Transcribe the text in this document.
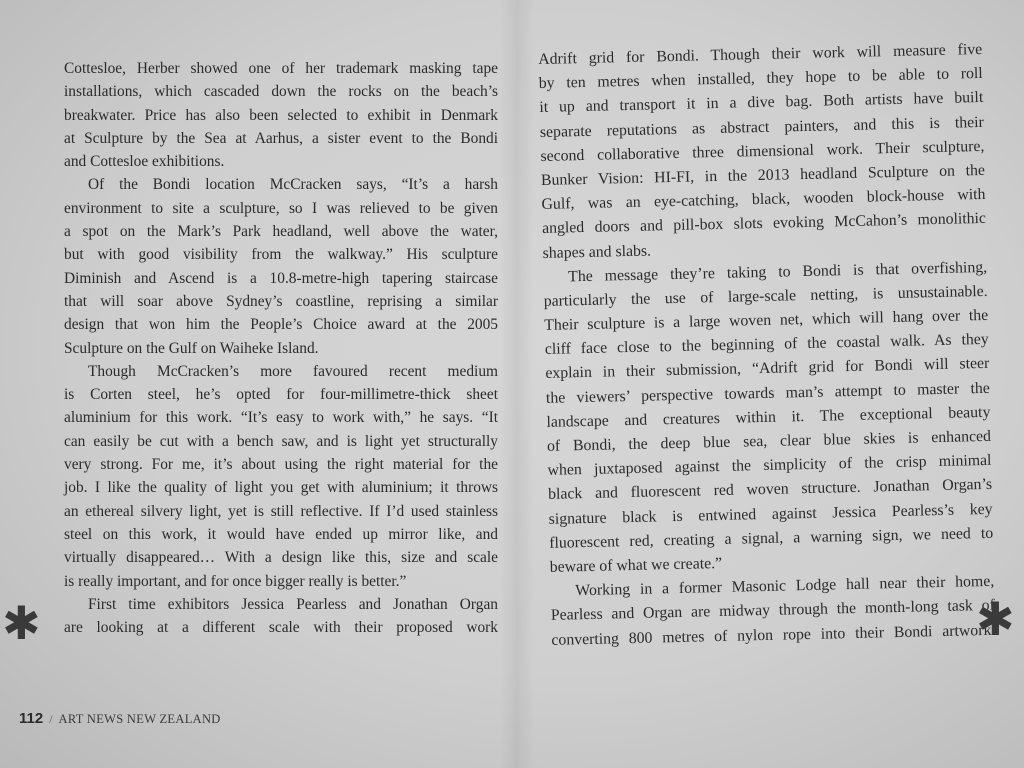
Cottesloe, Herber showed one of her trademark masking tape
installations, which cascaded down the rocks on the beach’s
breakwater. Price has also been selected to exhibit in Denmark
at Sculpture by the Sea at Aarhus, a sister event to the Bondi
and Cottesloe exhibitions.
Of the Bondi location McCracken says, “It’s a harsh
environment to site a sculpture, so I was relieved to be given
a spot on the Mark’s Park headland, well above the water,
but with good visibility from the walkway.” His sculpture
Diminish and Ascend is a 10.8-metre-high tapering staircase
that will soar above Sydney’s coastline, reprising a similar
design that won him the People’s Choice award at the 2005
Sculpture on the Gulf on Waiheke Island.
Though McCracken’s more favoured recent medium
is Corten steel, he’s opted for four-millimetre-thick sheet
aluminium for this work. “It’s easy to work with,” he says. “It
can easily be cut with a bench saw, and is light yet structurally
very strong. For me, it’s about using the right material for the
job. I like the quality of light you get with aluminium; it throws
an ethereal silvery light, yet is still reflective. If I’d used stainless
steel on this work, it would have ended up mirror like, and
virtually disappeared… With a design like this, size and scale
is really important, and for once bigger really is better.”
First time exhibitors Jessica Pearless and Jonathan Organ
are looking at a different scale with their proposed work
Adrift grid for Bondi. Though their work will measure five
by ten metres when installed, they hope to be able to roll
it up and transport it in a dive bag. Both artists have built
separate reputations as abstract painters, and this is their
second collaborative three dimensional work. Their sculpture,
Bunker Vision: HI-FI, in the 2013 headland Sculpture on the
Gulf, was an eye-catching, black, wooden block-house with
angled doors and pill-box slots evoking McCahon’s monolithic
shapes and slabs.
The message they’re taking to Bondi is that overfishing,
particularly the use of large-scale netting, is unsustainable.
Their sculpture is a large woven net, which will hang over the
cliff face close to the beginning of the coastal walk. As they
explain in their submission, “Adrift grid for Bondi will steer
the viewers’ perspective towards man’s attempt to master the
landscape and creatures within it. The exceptional beauty
of Bondi, the deep blue sea, clear blue skies is enhanced
when juxtaposed against the simplicity of the crisp minimal
black and fluorescent red woven structure. Jonathan Organ’s
signature black is entwined against Jessica Pearless’s key
fluorescent red, creating a signal, a warning sign, we need to
beware of what we create.”
Working in a former Masonic Lodge hall near their home,
Pearless and Organ are midway through the month-long task of
converting 800 metres of nylon rope into their Bondi artwork.
✱	✱
112 / ART NEWS NEW ZEALAND
